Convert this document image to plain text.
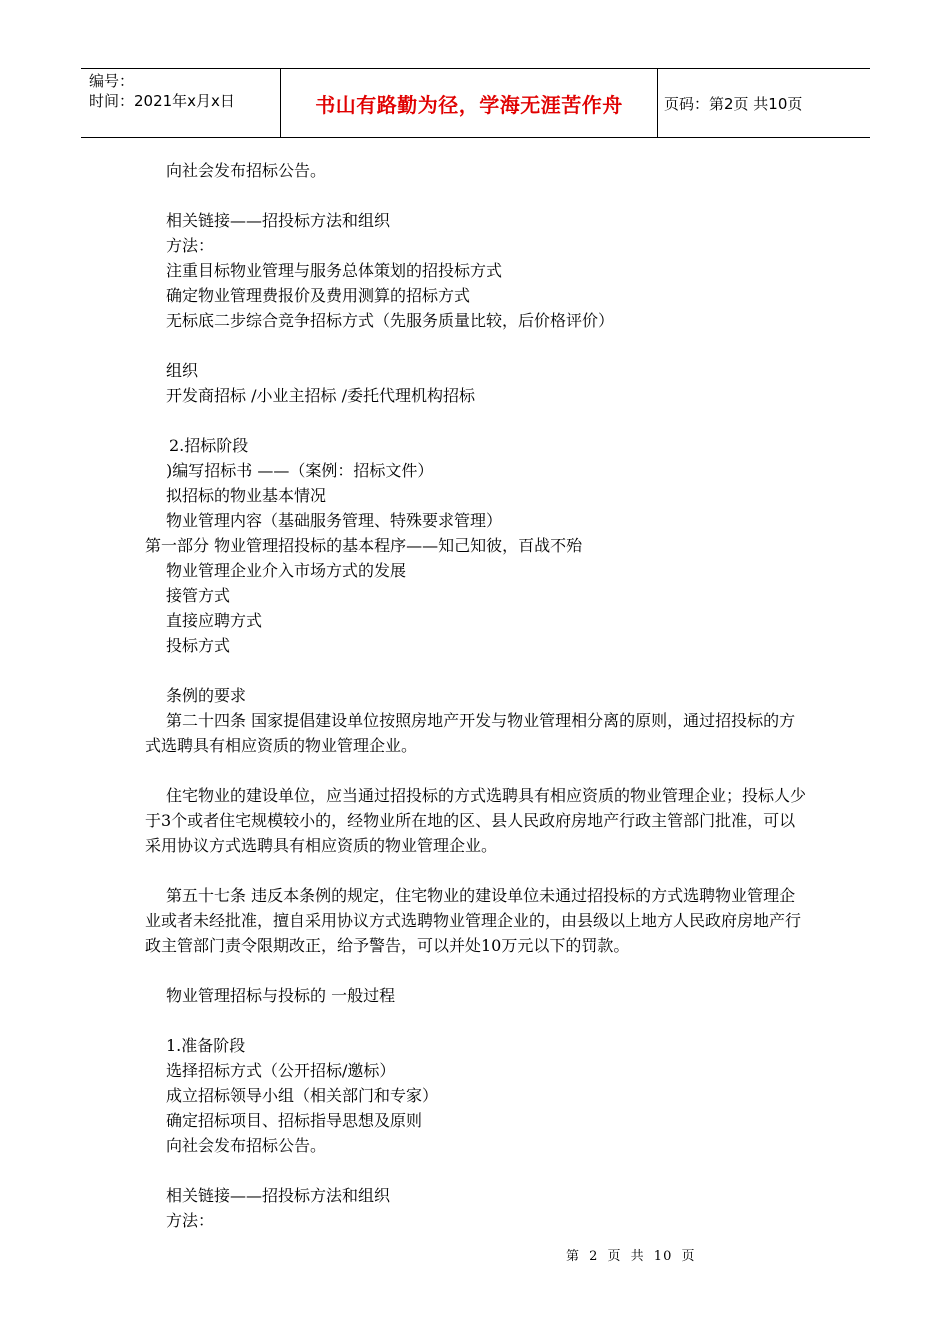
编号：
时间：2021年x月x日	书山有路勤为径，学海无涯苦作舟	页码：第2页 共10页

向社会发布招标公告。

相关链接——招投标方法和组织

方法：

注重目标物业管理与服务总体策划的招投标方式

确定物业管理费报价及费用测算的招标方式

无标底二步综合竞争招标方式（先服务质量比较，后价格评价）

组织

开发商招标 /小业主招标 /委托代理机构招标

2.招标阶段

)编写招标书 ——（案例：招标文件）

拟招标的物业基本情况

物业管理内容（基础服务管理、特殊要求管理）

第一部分 物业管理招投标的基本程序——知己知彼，百战不殆

物业管理企业介入市场方式的发展

接管方式

直接应聘方式

投标方式

条例的要求

第二十四条 国家提倡建设单位按照房地产开发与物业管理相分离的原则，通过招投标的方式选聘具有相应资质的物业管理企业。

住宅物业的建设单位，应当通过招投标的方式选聘具有相应资质的物业管理企业；投标人少于3个或者住宅规模较小的，经物业所在地的区、县人民政府房地产行政主管部门批准，可以采用协议方式选聘具有相应资质的物业管理企业。

第五十七条 违反本条例的规定，住宅物业的建设单位未通过招投标的方式选聘物业管理企业或者未经批准，擅自采用协议方式选聘物业管理企业的，由县级以上地方人民政府房地产行政主管部门责令限期改正，给予警告，可以并处10万元以下的罚款。

物业管理招标与投标的 一般过程

1.准备阶段

选择招标方式（公开招标/邀标）

成立招标领导小组（相关部门和专家）

确定招标项目、招标指导思想及原则

向社会发布招标公告。

相关链接——招投标方法和组织

方法：

第 2 页 共 10 页
